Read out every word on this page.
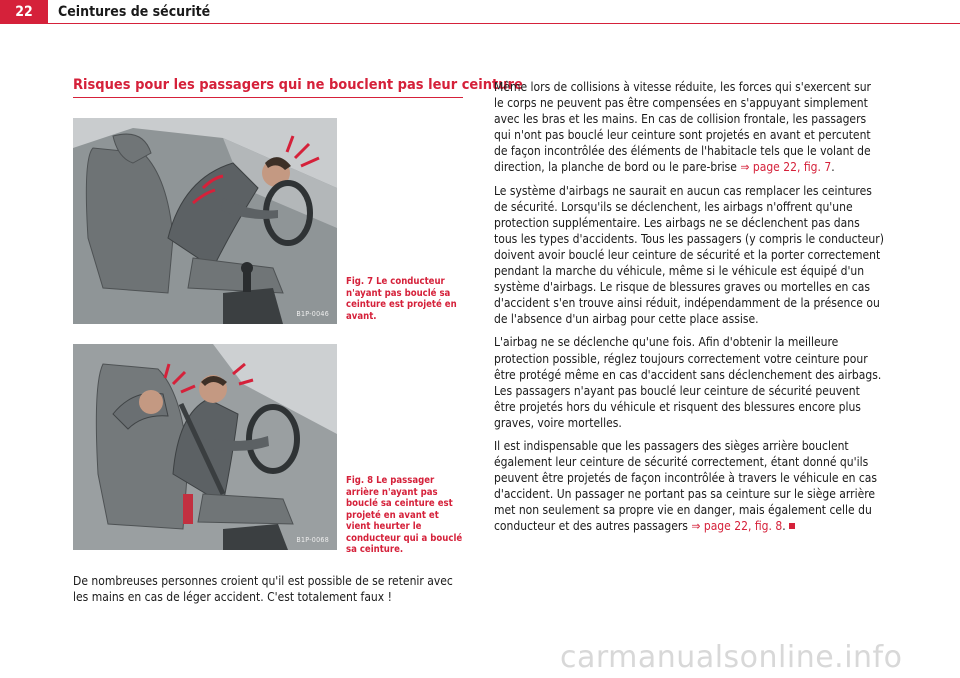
22	Ceintures de sécurité
Risques pour les passagers qui ne bouclent pas leur ceinture
B1P-0046
Fig. 7 Le conducteur n'ayant pas bouclé sa ceinture est projeté en avant.
B1P-0068
Fig. 8 Le passager arrière n'ayant pas bouclé sa ceinture est projeté en avant et vient heurter le conducteur qui a bouclé sa ceinture.
De nombreuses personnes croient qu'il est possible de se retenir avec les mains en cas de léger accident. C'est totalement faux !

Même lors de collisions à vitesse réduite, les forces qui s'exercent sur le corps ne peuvent pas être compensées en s'appuyant simplement avec les bras et les mains. En cas de collision frontale, les passagers qui n'ont pas bouclé leur ceinture sont projetés en avant et percutent de façon incontrôlée des éléments de l'habitacle tels que le volant de direction, la planche de bord ou le pare-brise ⇒ page 22, fig. 7.

Le système d'airbags ne saurait en aucun cas remplacer les ceintures de sécurité. Lorsqu'ils se déclenchent, les airbags n'offrent qu'une protection supplémentaire. Les airbags ne se déclenchent pas dans tous les types d'accidents. Tous les passagers (y compris le conducteur) doivent avoir bouclé leur ceinture de sécurité et la porter correctement pendant la marche du véhicule, même si le véhicule est équipé d'un système d'airbags. Le risque de blessures graves ou mortelles en cas d'accident s'en trouve ainsi réduit, indépendamment de la présence ou de l'absence d'un airbag pour cette place assise.

L'airbag ne se déclenche qu'une fois. Afin d'obtenir la meilleure protection possible, réglez toujours correctement votre ceinture pour être protégé même en cas d'accident sans déclenchement des airbags. Les passagers n'ayant pas bouclé leur ceinture de sécurité peuvent être projetés hors du véhicule et risquent des blessures encore plus graves, voire mortelles.

Il est indispensable que les passagers des sièges arrière bouclent également leur ceinture de sécurité correctement, étant donné qu'ils peuvent être projetés de façon incontrôlée à travers le véhicule en cas d'accident. Un passager ne portant pas sa ceinture sur le siège arrière met non seulement sa propre vie en danger, mais également celle du conducteur et des autres passagers ⇒ page 22, fig. 8.

carmanualsonline.info
